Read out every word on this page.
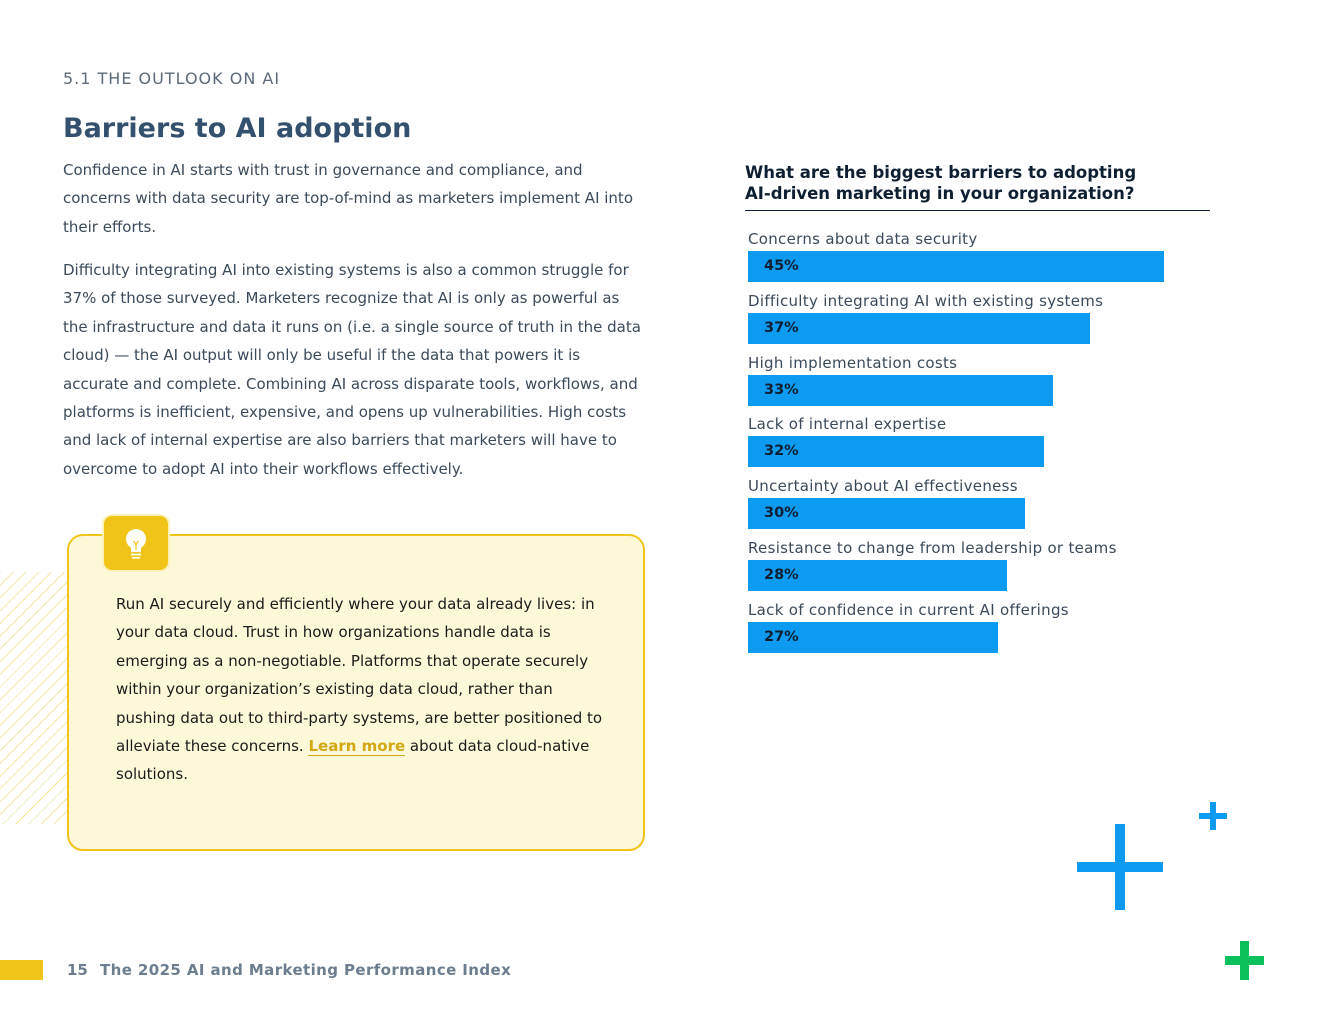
5.1 THE OUTLOOK ON AI
Barriers to AI adoption

Confidence in AI starts with trust in governance and compliance, and concerns with data security are top-of-mind as marketers implement AI into their efforts.

Difficulty integrating AI into existing systems is also a common struggle for 37% of those surveyed. Marketers recognize that AI is only as powerful as the infrastructure and data it runs on (i.e. a single source of truth in the data cloud) — the AI output will only be useful if the data that powers it is accurate and complete. Combining AI across disparate tools, workflows, and platforms is inefficient, expensive, and opens up vulnerabilities. High costs and lack of internal expertise are also barriers that marketers will have to overcome to adopt AI into their workflows effectively.

Run AI securely and efficiently where your data already lives: in your data cloud. Trust in how organizations handle data is emerging as a non-negotiable. Platforms that operate securely within your organization’s existing data cloud, rather than pushing data out to third-party systems, are better positioned to alleviate these concerns. Learn more about data cloud-native solutions.

What are the biggest barriers to adopting
AI-driven marketing in your organization?
Concerns about data security
45%
Difficulty integrating AI with existing systems
37%
High implementation costs
33%
Lack of internal expertise
32%
Uncertainty about AI effectiveness
30%
Resistance to change from leadership or teams
28%
Lack of confidence in current AI offerings
27%
15 The 2025 AI and Marketing Performance Index
